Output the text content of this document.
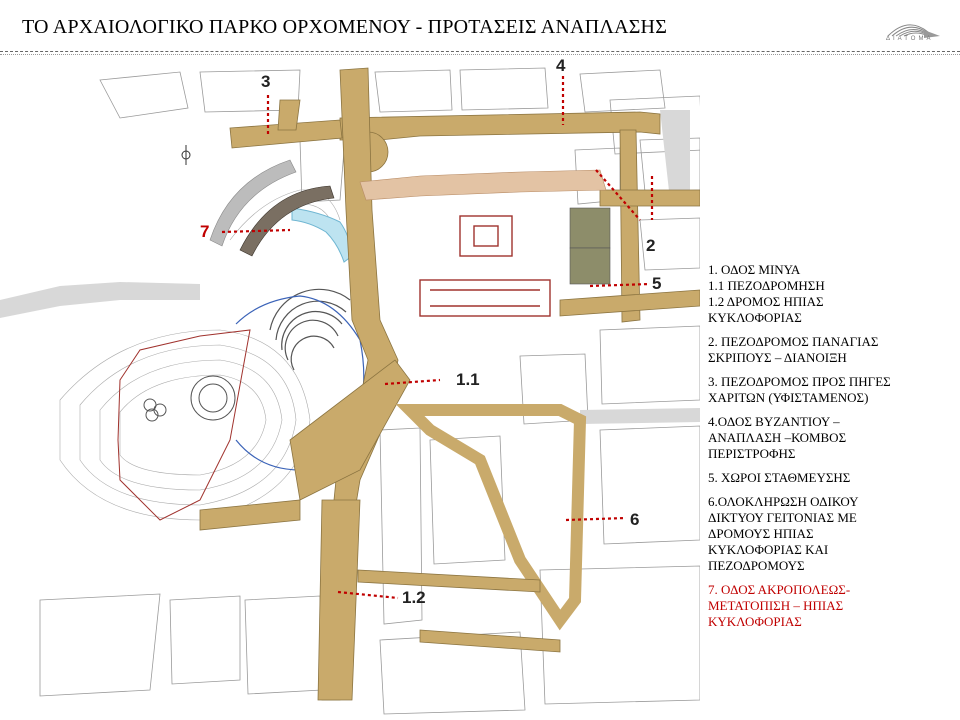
ΤΟ ΑΡΧΑΙΟΛΟΓΙΚΟ ΠΑΡΚΟ ΟΡΧΟΜΕΝΟΥ - ΠΡΟΤΑΣΕΙΣ ΑΝΑΠΛΑΣΗΣ
ΔΙΑΤΟΜΑ
3
4
7
2
5
1.1
6
1.2
1. ΟΔΟΣ ΜΙΝΥΑ
1.1 ΠΕΖΟΔΡΟΜΗΣΗ
1.2 ΔΡΟΜΟΣ ΗΠΙΑΣ
ΚΥΚΛΟΦΟΡΙΑΣ
2. ΠΕΖΟΔΡΟΜΟΣ ΠΑΝΑΓΙΑΣ
ΣΚΡΙΠΟΥΣ – ΔΙΑΝΟΙΞΗ
3. ΠΕΖΟΔΡΟΜΟΣ ΠΡΟΣ ΠΗΓΕΣ
ΧΑΡΙΤΩΝ (ΥΦΙΣΤΑΜΕΝΟΣ)
4.ΟΔΟΣ ΒΥΖΑΝΤΙΟΥ –
ΑΝΑΠΛΑΣΗ –ΚΟΜΒΟΣ
ΠΕΡΙΣΤΡΟΦΗΣ
5. ΧΩΡΟΙ ΣΤΑΘΜΕΥΣΗΣ
6.ΟΛΟΚΛΗΡΩΣΗ ΟΔΙΚΟΥ
ΔΙΚΤΥΟΥ ΓΕΙΤΟΝΙΑΣ ΜΕ
ΔΡΟΜΟΥΣ ΗΠΙΑΣ
ΚΥΚΛΟΦΟΡΙΑΣ ΚΑΙ
ΠΕΖΟΔΡΟΜΟΥΣ
7. ΟΔΟΣ ΑΚΡΟΠΟΛΕΩΣ-
ΜΕΤΑΤΟΠΙΣΗ – ΗΠΙΑΣ
ΚΥΚΛΟΦΟΡΙΑΣ
